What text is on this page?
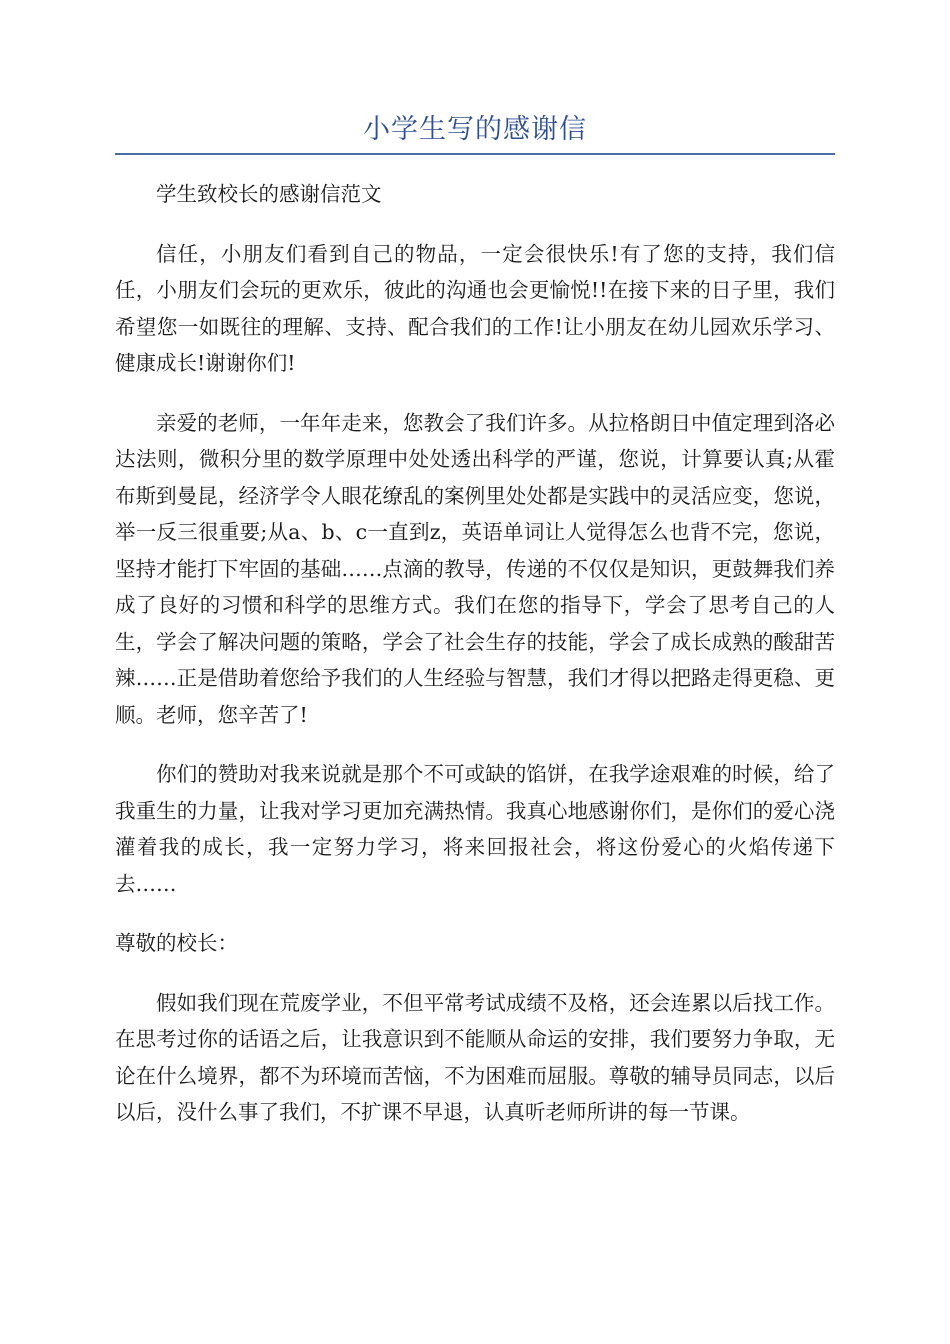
小学生写的感谢信

学生致校长的感谢信范文

信任，小朋友们看到自己的物品，一定会很快乐!有了您的支持，我们信任，小朋友们会玩的更欢乐，彼此的沟通也会更愉悦!!在接下来的日子里，我们希望您一如既往的理解、支持、配合我们的工作!让小朋友在幼儿园欢乐学习、健康成长!谢谢你们!

亲爱的老师，一年年走来，您教会了我们许多。从拉格朗日中值定理到洛必达法则，微积分里的数学原理中处处透出科学的严谨，您说，计算要认真;从霍布斯到曼昆，经济学令人眼花缭乱的案例里处处都是实践中的灵活应变，您说，举一反三很重要;从a、b、c一直到z，英语单词让人觉得怎么也背不完，您说，坚持才能打下牢固的基础……点滴的教导，传递的不仅仅是知识，更鼓舞我们养成了良好的习惯和科学的思维方式。我们在您的指导下，学会了思考自己的人生，学会了解决问题的策略，学会了社会生存的技能，学会了成长成熟的酸甜苦辣……正是借助着您给予我们的人生经验与智慧，我们才得以把路走得更稳、更顺。老师，您辛苦了!

你们的赞助对我来说就是那个不可或缺的馅饼，在我学途艰难的时候，给了我重生的力量，让我对学习更加充满热情。我真心地感谢你们，是你们的爱心浇灌着我的成长，我一定努力学习，将来回报社会，将这份爱心的火焰传递下去……

尊敬的校长：

假如我们现在荒废学业，不但平常考试成绩不及格，还会连累以后找工作。在思考过你的话语之后，让我意识到不能顺从命运的安排，我们要努力争取，无论在什么境界，都不为环境而苦恼，不为困难而屈服。尊敬的辅导员同志，以后以后，没什么事了我们，不扩课不早退，认真听老师所讲的每一节课。
